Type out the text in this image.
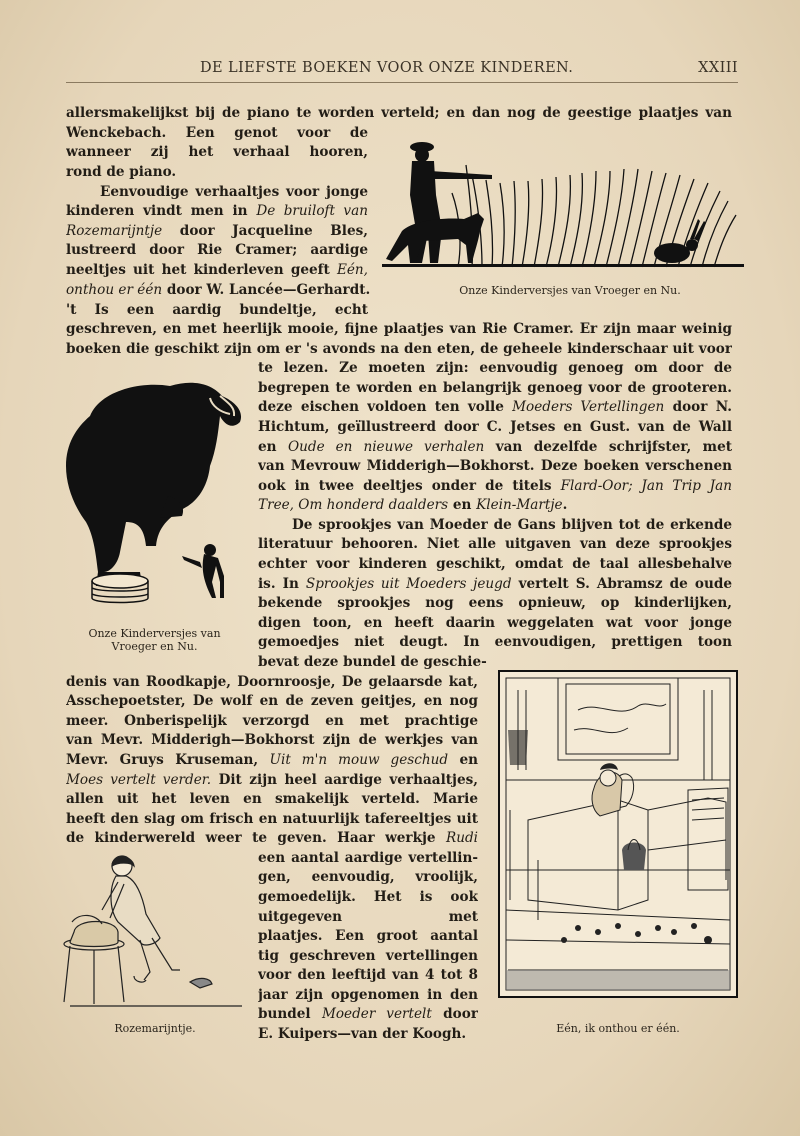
DE LIEFSTE BOEKEN VOOR ONZE KINDEREN.	XXIII
allersmakelijkst bij de piano te worden verteld; en dan nog de geestige plaatjes van
Wenckebach. Een genot voor de
wanneer zij het verhaal hooren,
rond de piano.
Eenvoudige verhaaltjes voor jonge
kinderen vindt men in De bruiloft van
Rozemarijntje door Jacqueline Bles,
lustreerd door Rie Cramer; aardige
neeltjes uit het kinderleven geeft Eén,
onthou er één door W. Lancée—Gerhardt.
't Is een aardig bundeltje, echt
geschreven, en met heerlijk mooie, fijne plaatjes van Rie Cramer. Er zijn maar weinig
boeken die geschikt zijn om er 's avonds na den eten, de geheele kinderschaar uit voor
te lezen. Ze moeten zijn: eenvoudig genoeg om door de
begrepen te worden en belangrijk genoeg voor de grooteren.
deze eischen voldoen ten volle Moeders Vertellingen door N.
Hichtum, geïllustreerd door C. Jetses en Gust. van de Wall
en Oude en nieuwe verhalen van dezelfde schrijfster, met
van Mevrouw Midderigh—Bokhorst. Deze boeken verschenen
ook in twee deeltjes onder de titels Flard-Oor; Jan Trip Jan
Tree, Om honderd daalders en Klein-Martje.
De sprookjes van Moeder de Gans blijven tot de erkende
literatuur behooren. Niet alle uitgaven van deze sprookjes
echter voor kinderen geschikt, omdat de taal allesbehalve
is. In Sprookjes uit Moeders jeugd vertelt S. Abramsz de oude
bekende sprookjes nog eens opnieuw, op kinderlijken,
digen toon, en heeft daarin weggelaten wat voor jonge
gemoedjes niet deugt. In eenvoudigen, prettigen toon
bevat deze bundel de geschie-
denis van Roodkapje, Doornroosje, De gelaarsde kat,
Asschepoetster, De wolf en de zeven geitjes, en nog
meer. Onberispelijk verzorgd en met prachtige
van Mevr. Midderigh—Bokhorst zijn de werkjes van
Mevr. Gruys Kruseman, Uit m'n mouw geschud en
Moes vertelt verder. Dit zijn heel aardige verhaaltjes,
allen uit het leven en smakelijk verteld. Marie
heeft den slag om frisch en natuurlijk tafereeltjes uit
de kinderwereld weer te geven. Haar werkje Rudi
een aantal aardige vertellin-
gen, eenvoudig, vroolijk,
gemoedelijk. Het is ook
uitgegeven met
plaatjes. Een groot aantal
tig geschreven vertellingen
voor den leeftijd van 4 tot 8
jaar zijn opgenomen in den
bundel Moeder vertelt door
E. Kuipers—van der Koogh.
Onze Kinderversjes van Vroeger en Nu.
Onze Kinderversjes van
Vroeger en Nu.
Eén, ik onthou er één.
Rozemarijntje.
